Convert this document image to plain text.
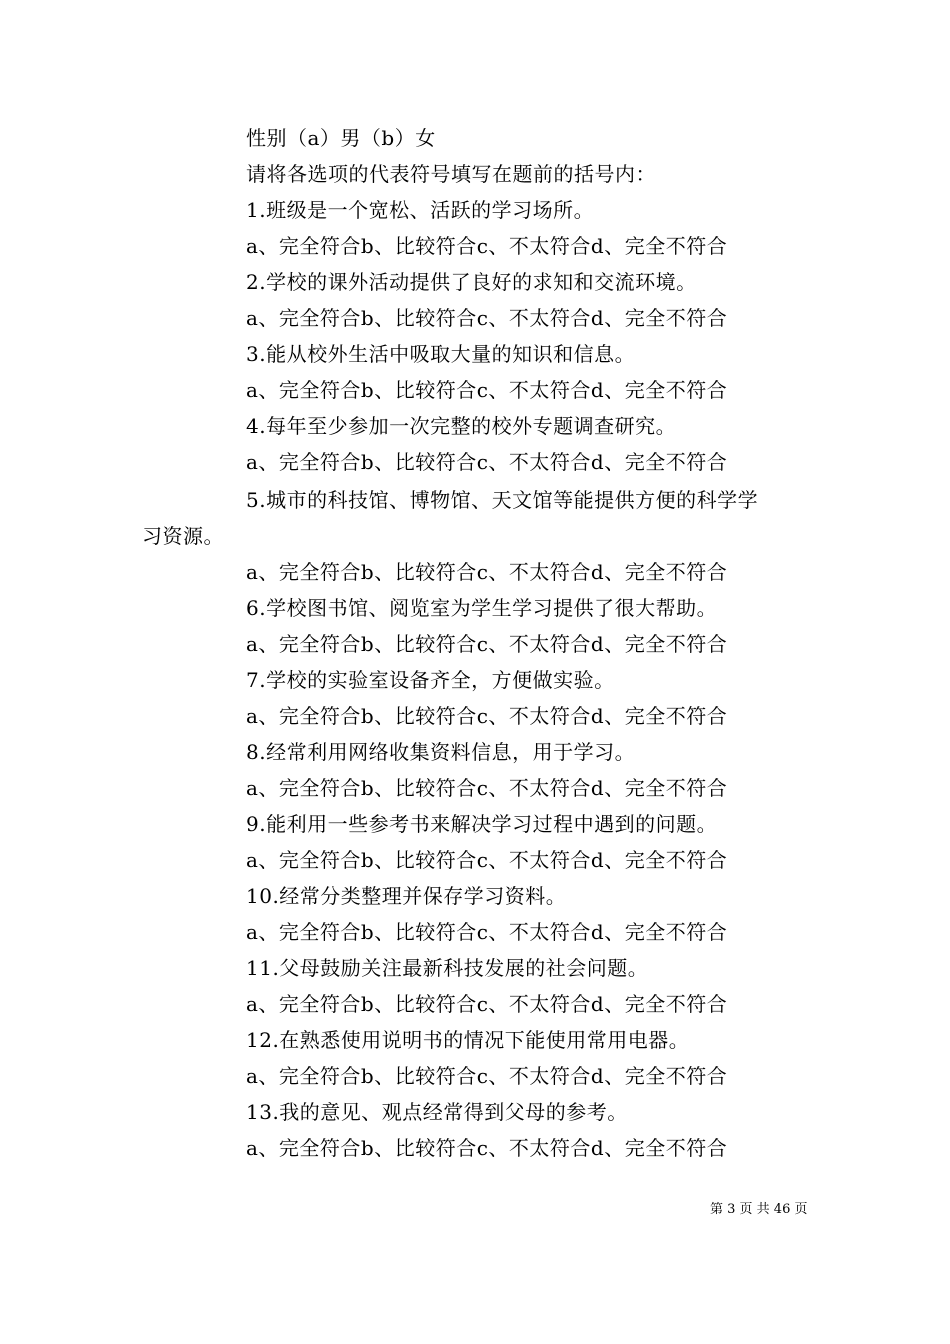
性别（a）男（b）女
请将各选项的代表符号填写在题前的括号内：
1.班级是一个宽松、活跃的学习场所。
a、完全符合b、比较符合c、不太符合d、完全不符合
2.学校的课外活动提供了良好的求知和交流环境。
a、完全符合b、比较符合c、不太符合d、完全不符合
3.能从校外生活中吸取大量的知识和信息。
a、完全符合b、比较符合c、不太符合d、完全不符合
4.每年至少参加一次完整的校外专题调查研究。
a、完全符合b、比较符合c、不太符合d、完全不符合
5.城市的科技馆、博物馆、天文馆等能提供方便的科学学
习资源。
a、完全符合b、比较符合c、不太符合d、完全不符合
6.学校图书馆、阅览室为学生学习提供了很大帮助。
a、完全符合b、比较符合c、不太符合d、完全不符合
7.学校的实验室设备齐全，方便做实验。
a、完全符合b、比较符合c、不太符合d、完全不符合
8.经常利用网络收集资料信息，用于学习。
a、完全符合b、比较符合c、不太符合d、完全不符合
9.能利用一些参考书来解决学习过程中遇到的问题。
a、完全符合b、比较符合c、不太符合d、完全不符合
10.经常分类整理并保存学习资料。
a、完全符合b、比较符合c、不太符合d、完全不符合
11.父母鼓励关注最新科技发展的社会问题。
a、完全符合b、比较符合c、不太符合d、完全不符合
12.在熟悉使用说明书的情况下能使用常用电器。
a、完全符合b、比较符合c、不太符合d、完全不符合
13.我的意见、观点经常得到父母的参考。
a、完全符合b、比较符合c、不太符合d、完全不符合
第 3 页 共 46 页
